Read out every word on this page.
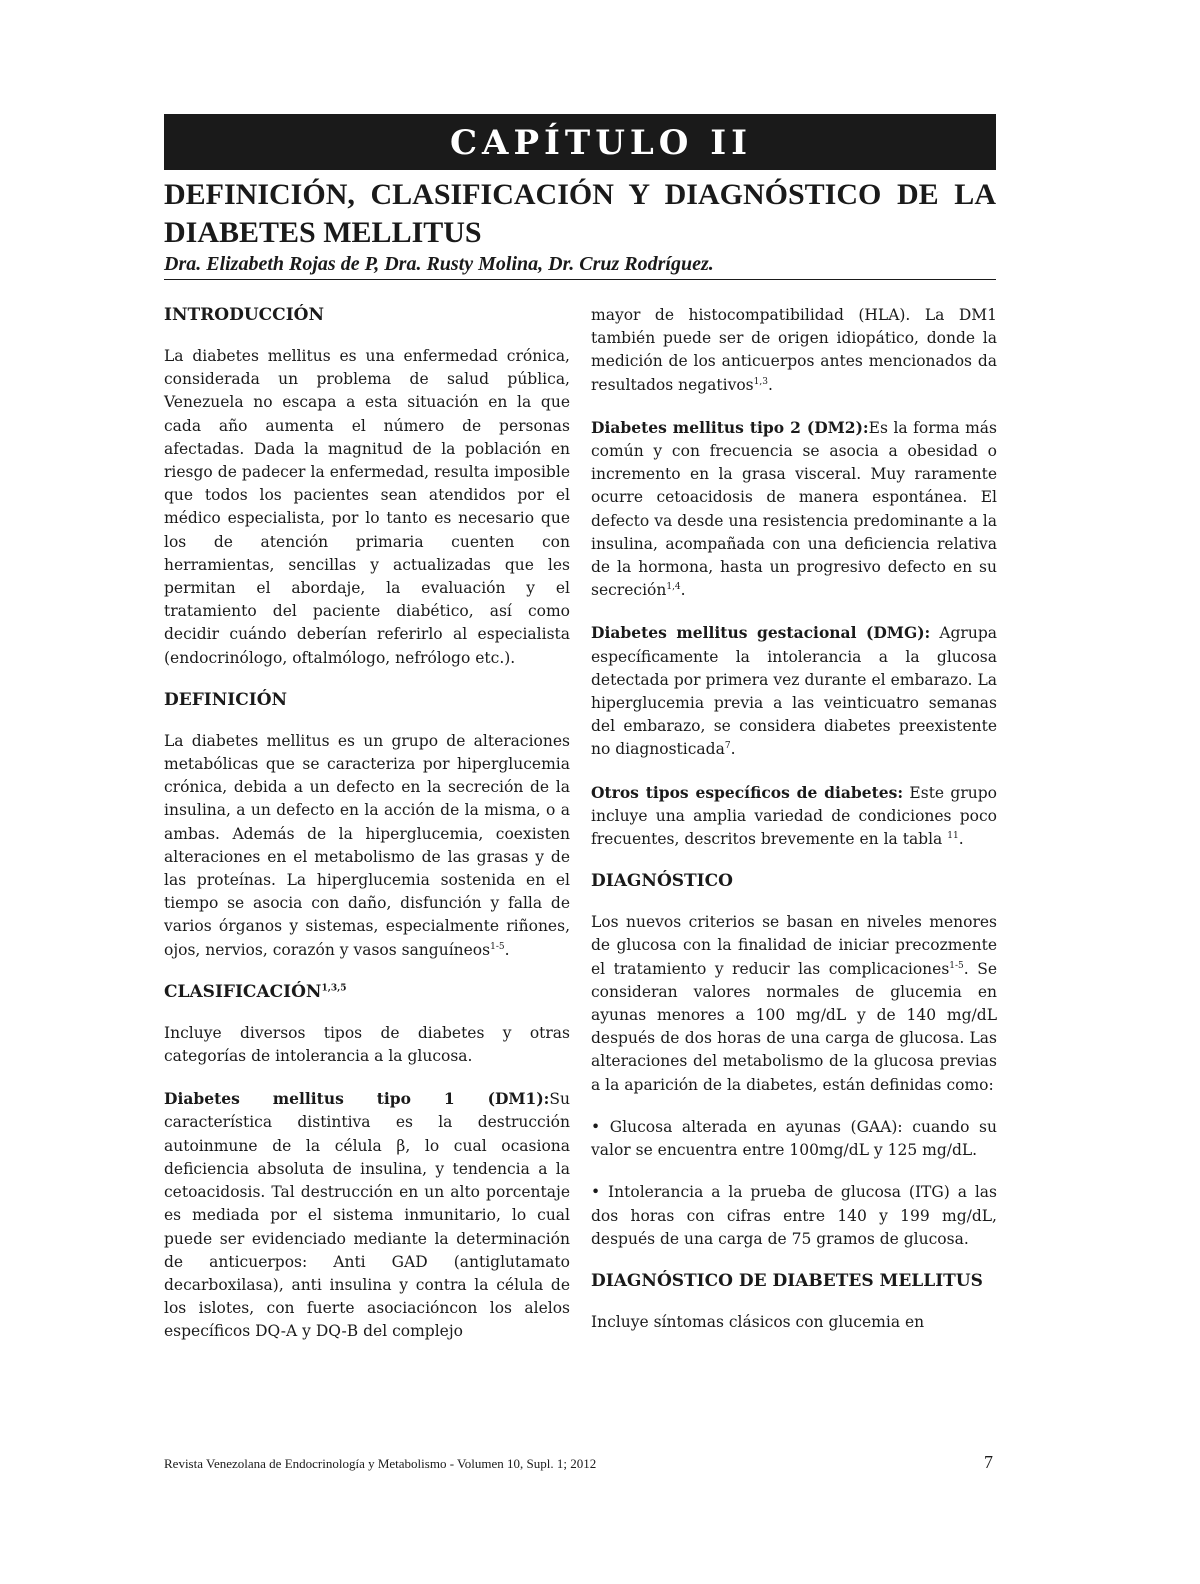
CAPÍTULO II
DEFINICIÓN, CLASIFICACIÓN Y DIAGNÓSTICO DE LA DIABETES MELLITUS
Dra. Elizabeth Rojas de P, Dra. Rusty Molina, Dr. Cruz Rodríguez.
INTRODUCCIÓN

La diabetes mellitus es una enfermedad crónica, considerada un problema de salud pública, Venezuela no escapa a esta situación en la que cada año aumenta el número de personas afectadas. Dada la magnitud de la población en riesgo de padecer la enfermedad, resulta imposible que todos los pacientes sean atendidos por el médico especialista, por lo tanto es necesario que los de atención primaria cuenten con herramientas, sencillas y actualizadas que les permitan el abordaje, la evaluación y el tratamiento del paciente diabético, así como decidir cuándo deberían referirlo al especialista (endocrinólogo, oftalmólogo, nefrólogo etc.).

DEFINICIÓN

La diabetes mellitus es un grupo de alteraciones metabólicas que se caracteriza por hiperglucemia crónica, debida a un defecto en la secreción de la insulina, a un defecto en la acción de la misma, o a ambas. Además de la hiperglucemia, coexisten alteraciones en el metabolismo de las grasas y de las proteínas. La hiperglucemia sostenida en el tiempo se asocia con daño, disfunción y falla de varios órganos y sistemas, especialmente riñones, ojos, nervios, corazón y vasos sanguíneos$^{1-5}$.

CLASIFICACIÓN$^{1,3,5}$

Incluye diversos tipos de diabetes y otras categorías de intolerancia a la glucosa.

Diabetes mellitus tipo 1 (DM1):Su característica distintiva es la destrucción autoinmune de la célula β, lo cual ocasiona deficiencia absoluta de insulina, y tendencia a la cetoacidosis. Tal destrucción en un alto porcentaje es mediada por el sistema inmunitario, lo cual puede ser evidenciado mediante la determinación de anticuerpos: Anti GAD (antiglutamato decarboxilasa), anti insulina y contra la célula de los islotes, con fuerte asociacióncon los alelos específicos DQ-A y DQ-B del complejo

mayor de histocompatibilidad (HLA). La DM1 también puede ser de origen idiopático, donde la medición de los anticuerpos antes mencionados da resultados negativos$^{1,3}$.

Diabetes mellitus tipo 2 (DM2):Es la forma más común y con frecuencia se asocia a obesidad o incremento en la grasa visceral. Muy raramente ocurre cetoacidosis de manera espontánea. El defecto va desde una resistencia predominante a la insulina, acompañada con una deficiencia relativa de la hormona, hasta un progresivo defecto en su secreción$^{1,4}$.

Diabetes mellitus gestacional (DMG): Agrupa específicamente la intolerancia a la glucosa detectada por primera vez durante el embarazo. La hiperglucemia previa a las veinticuatro semanas del embarazo, se considera diabetes preexistente no diagnosticada$^7$.

Otros tipos específicos de diabetes: Este grupo incluye una amplia variedad de condiciones poco frecuentes, descritos brevemente en la tabla $^{11}$.

DIAGNÓSTICO

Los nuevos criterios se basan en niveles menores de glucosa con la finalidad de iniciar precozmente el tratamiento y reducir las complicaciones$^{1-5}$. Se consideran valores normales de glucemia en ayunas menores a 100 mg/dL y de 140 mg/dL después de dos horas de una carga de glucosa. Las alteraciones del metabolismo de la glucosa previas a la aparición de la diabetes, están definidas como:

• Glucosa alterada en ayunas (GAA): cuando su valor se encuentra entre 100mg/dL y 125 mg/dL.

• Intolerancia a la prueba de glucosa (ITG) a las dos horas con cifras entre 140 y 199 mg/dL, después de una carga de 75 gramos de glucosa.

DIAGNÓSTICO DE DIABETES MELLITUS

Incluye síntomas clásicos con glucemia en

Revista Venezolana de Endocrinología y Metabolismo - Volumen 10, Supl. 1; 2012	7
